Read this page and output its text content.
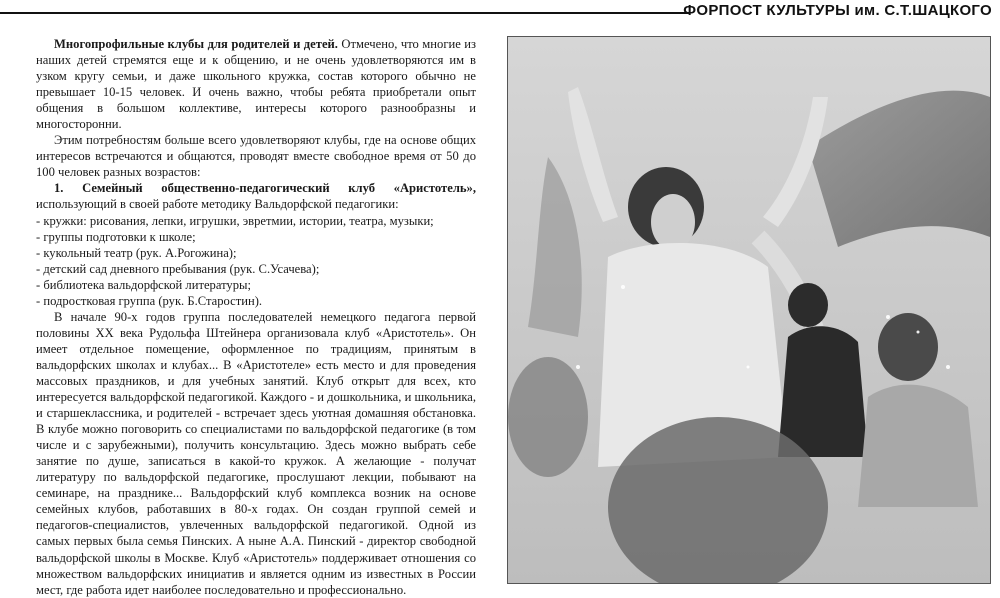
ФОРПОСТ КУЛЬТУРЫ им. С.Т.ШАЦКОГО

Многопрофильные клубы для родителей и детей. Отмечено, что многие из наших детей стремятся еще и к общению, и не очень удовлетворяются им в узком кругу семьи, и даже школьного кружка, состав которого обычно не превышает 10-15 человек. И очень важно, чтобы ребята приобретали опыт общения в большом коллективе, интересы которого разнообразны и многосторонни.

Этим потребностям больше всего удовлетворяют клубы, где на основе общих интересов встречаются и общаются, проводят вместе свободное время от 50 до 100 человек разных возрастов:

1. Семейный общественно-педагогический клуб «Аристотель», использующий в своей работе методику Вальдорфской педагогики:

- кружки: рисования, лепки, игрушки, эвретмии, истории, театра, музыки;
- группы подготовки к школе;
- кукольный театр (рук. А.Рогожина);
- детский сад дневного пребывания (рук. С.Усачева);
- библиотека вальдорфской литературы;
- подростковая группа (рук. Б.Старостин).

В начале 90-х годов группа последователей немецкого педагога первой половины XX века Рудольфа Штейнера организовала клуб «Аристотель». Он имеет отдельное помещение, оформленное по традициям, принятым в вальдорфских школах и клубах... В «Аристотеле» есть место и для проведения массовых праздников, и для учебных занятий. Клуб открыт для всех, кто интересуется вальдорфской педагогикой. Каждого - и дошкольника, и школьника, и старшеклассника, и родителей - встречает здесь уютная домашняя обстановка. В клубе можно поговорить со специалистами по вальдорфской педагогике (в том числе и с зарубежными), получить консультацию. Здесь можно выбрать себе занятие по душе, записаться в какой-то кружок. А желающие - получат литературу по вальдорфской педагогике, прослушают лекции, побывают на семинаре, на празднике... Вальдорфский клуб комплекса возник на основе семейных клубов, работавших в 80-х годах. Он создан группой семей и педагогов-специалистов, увлеченных вальдорфской педагогикой. Одной из самых первых была семья Пинских. А ныне А.А. Пинский - директор свободной вальдорфской школы в Москве. Клуб «Аристотель» поддерживает отношения со множеством вальдорфских инициатив и является одним из известных в России мест, где работа идет наиболее последовательно и профессионально.
